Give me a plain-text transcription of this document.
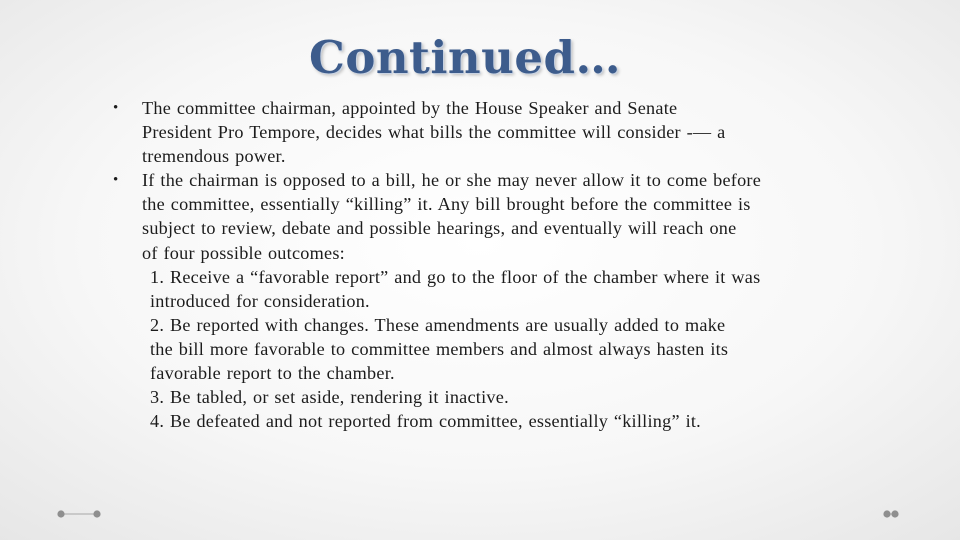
Continued…

• The committee chairman, appointed by the House Speaker and Senate
President Pro Tempore, decides what bills the committee will consider -— a
tremendous power.

• If the chairman is opposed to a bill, he or she may never allow it to come before
the committee, essentially “killing” it. Any bill brought before the committee is
subject to review, debate and possible hearings, and eventually will reach one
of four possible outcomes:

1. Receive a “favorable report” and go to the floor of the chamber where it was
introduced for consideration.

2. Be reported with changes. These amendments are usually added to make
the bill more favorable to committee members and almost always hasten its
favorable report to the chamber.

3. Be tabled, or set aside, rendering it inactive.

4. Be defeated and not reported from committee, essentially “killing” it.
